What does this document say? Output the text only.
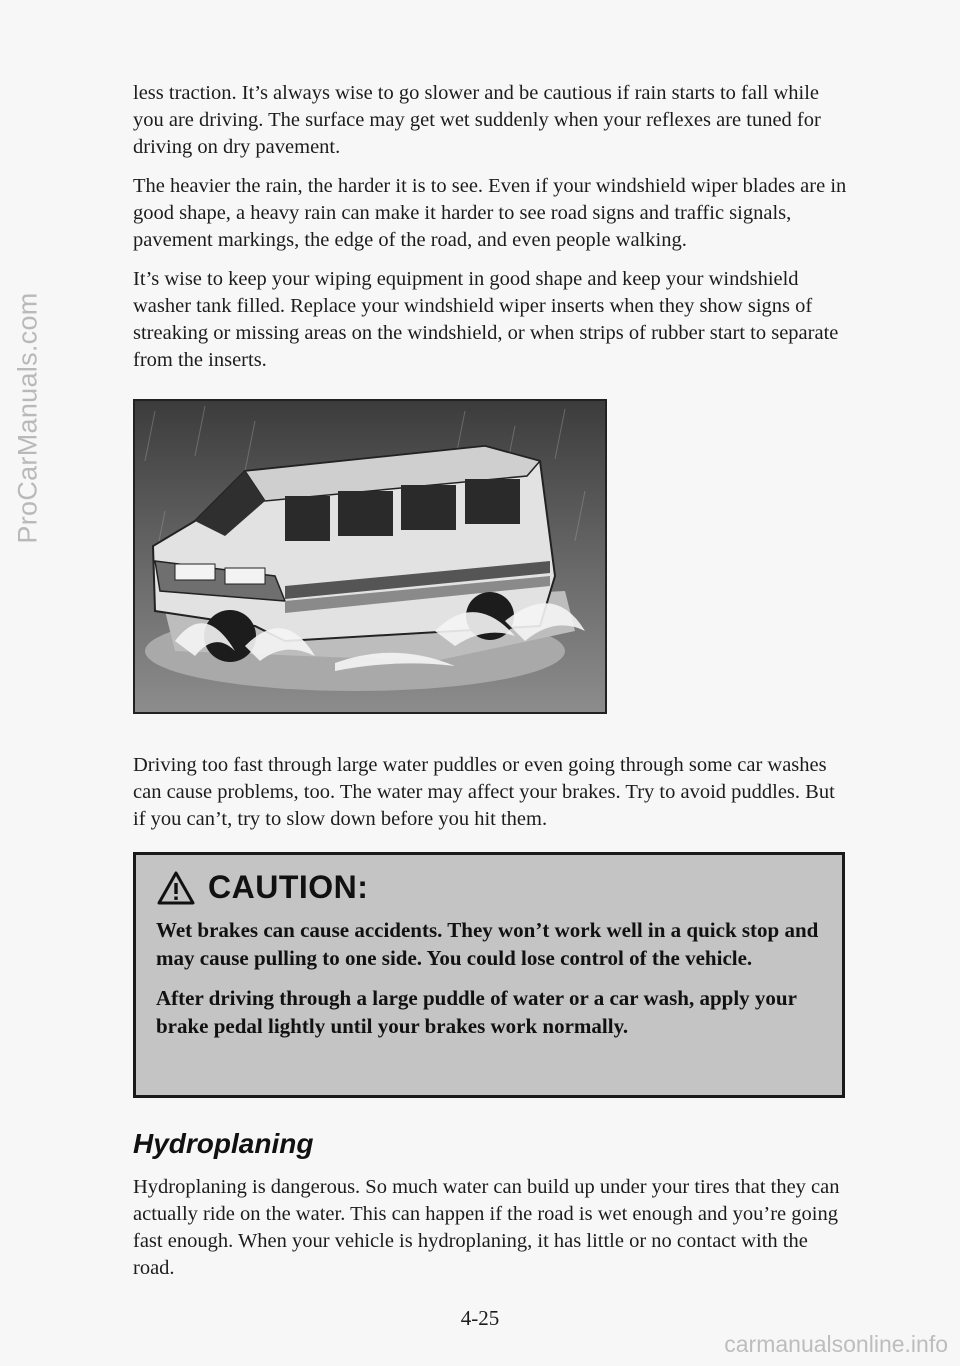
ProCarManuals.com

less traction. It’s always wise to go slower and be cautious if rain starts to fall while you are driving. The surface may get wet suddenly when your reflexes are tuned for driving on dry pavement.

The heavier the rain, the harder it is to see. Even if your windshield wiper blades are in good shape, a heavy rain can make it harder to see road signs and traffic signals, pavement markings, the edge of the road, and even people walking.

It’s wise to keep your wiping equipment in good shape and keep your windshield washer tank filled. Replace your windshield wiper inserts when they show signs of streaking or missing areas on the windshield, or when strips of rubber start to separate from the inserts.

Driving too fast through large water puddles or even going through some car washes can cause problems, too. The water may affect your brakes. Try to avoid puddles. But if you can’t, try to slow down before you hit them.

CAUTION:

Wet brakes can cause accidents. They won’t work well in a quick stop and may cause pulling to one side. You could lose control of the vehicle.

After driving through a large puddle of water or a car wash, apply your brake pedal lightly until your brakes work normally.

Hydroplaning

Hydroplaning is dangerous. So much water can build up under your tires that they can actually ride on the water. This can happen if the road is wet enough and you’re going fast enough. When your vehicle is hydroplaning, it has little or no contact with the road.

4-25
carmanualsonline.info
